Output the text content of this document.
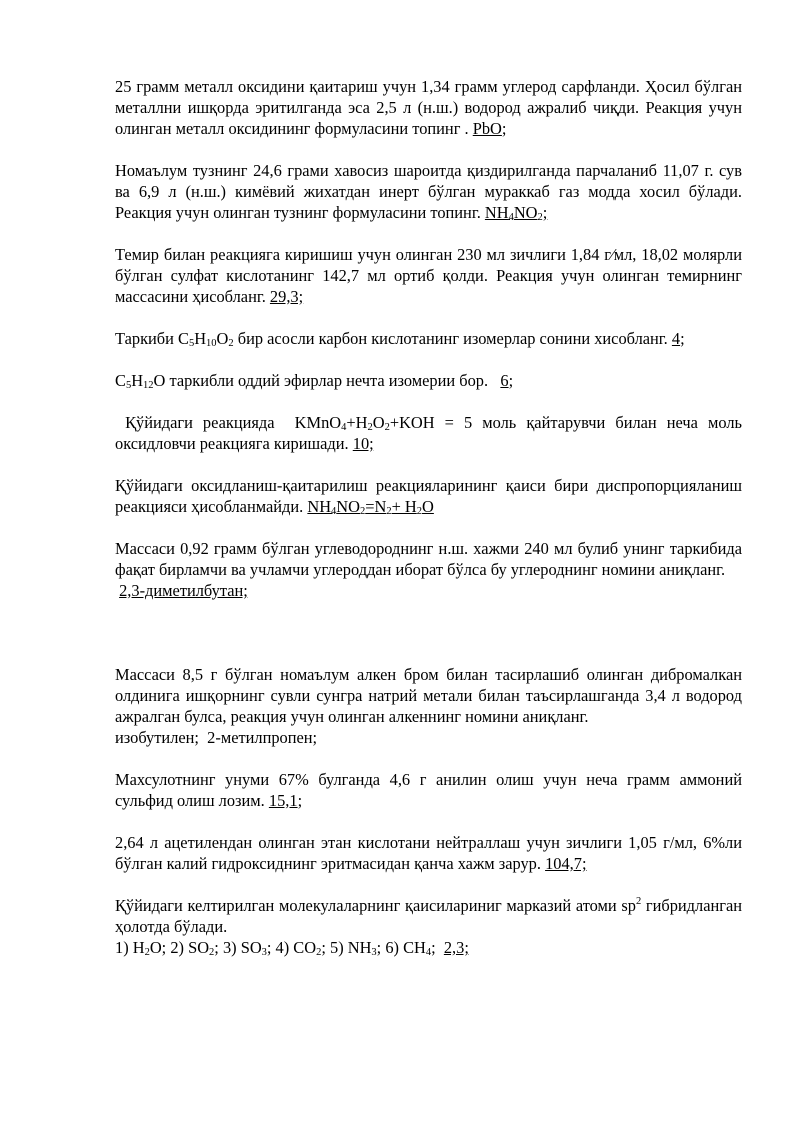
25 грамм металл оксидини қаитариш учун 1,34 грамм углерод сарфланди. Ҳосил бўлган металлни ишқорда эритилганда эса 2,5 л (н.ш.) водород ажралиб чиқди. Реакция учун олинган металл оксидининг формуласини топинг . PbO;

Номаълум тузнинг 24,6 грами хавосиз шароитда қиздирилганда парчаланиб 11,07 г. сув ва 6,9 л (н.ш.) кимёвий жихатдан инерт бўлган мураккаб газ модда хосил бўлади. Реакция учун олинган тузнинг формуласини топинг. $NH_4NO_2$;

Темир билан реакцияга киришиш учун олинган 230 мл зичлиги 1,84 г⁄мл, 18,02 молярли бўлган сулфат кислотанинг 142,7 мл ортиб қолди. Реакция учун олинган темирнинг массасини ҳисобланг. 29,3;

Таркиби $C_5H_{10}O_2$ бир асосли карбон кислотанинг изомерлар сонини хисобланг. 4;

$C_5H_{12}O$ таркибли оддий эфирлар нечта изомерии бор. 6;

Қўйидаги реакцияда  $KMnO_4+H_2O_2+KOH = 5$ моль қайтарувчи билан неча моль оксидловчи реакцияга киришади. 10;

Қўйидаги оксидланиш-қаитарилиш реакцияларининг қаиси бири диспропорцияланиш реакцияси ҳисобланмайди. $NH_4NO_2=N_2+ H_2O$

Массаси 0,92 грамм бўлган углеводороднинг н.ш. хажми 240 мл булиб унинг таркибида фақат бирламчи ва учламчи углероддан иборат бўлса бу углероднинг номини аниқланг.

2,3-диметилбутан;

Массаси 8,5 г бўлган номаълум алкен бром билан тасирлашиб олинган дибромалкан олдинига ишқорнинг сувли сунгра натрий метали билан таъсирлашганда 3,4 л водород ажралган булса, реакция учун олинган алкеннинг номини аниқланг.

изобутилен;  2-метилпропен;

Махсулотнинг унуми 67% булганда 4,6 г анилин олиш учун неча грамм аммоний сульфид олиш лозим. 15,1;

2,64 л ацетилендан олинган этан кислотани нейтраллаш учун зичлиги 1,05 г/мл, 6%ли бўлган калий гидроксиднинг эритмасидан қанча хажм зарур. 104,7;

Қўйидаги келтирилган молекулаларнинг қаисилариниг марказий атоми $sp^2$ гибридланган ҳолотда бўлади.

1) $H_2O$; 2) $SO_2$; 3) $SO_3$; 4) $CO_2$; 5) $NH_3$; 6) $CH_4$;  2,3;
